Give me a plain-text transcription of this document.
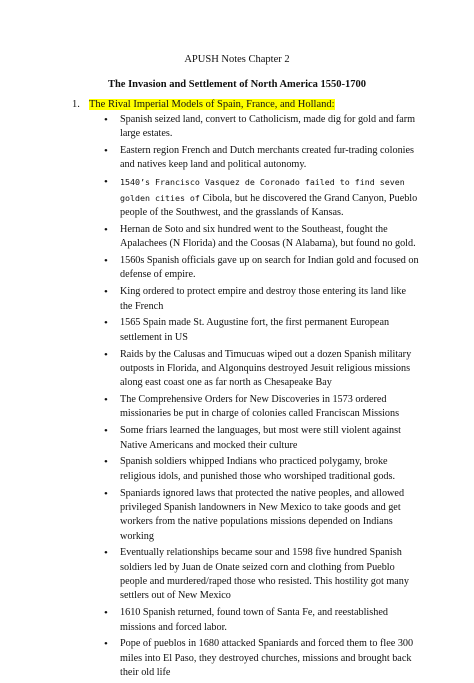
APUSH Notes Chapter 2
The Invasion and Settlement of North America 1550-1700
1. The Rival Imperial Models of Spain, France, and Holland:
• Spanish seized land, convert to Catholicism, made dig for gold and farm large estates.
• Eastern region French and Dutch merchants created fur-trading colonies and natives keep land and political autonomy.
• 1540’s Francisco Vasquez de Coronado failed to find seven golden cities of Cibola, but he discovered the Grand Canyon, Pueblo people of the Southwest, and the grasslands of Kansas.
• Hernan de Soto and six hundred went to the Southeast, fought the Apalachees (N Florida) and the Coosas (N Alabama), but found no gold.
• 1560s Spanish officials gave up on search for Indian gold and focused on defense of empire.
• King ordered to protect empire and destroy those entering its land like the French
• 1565 Spain made St. Augustine fort, the first permanent European settlement in US
• Raids by the Calusas and Timucuas wiped out a dozen Spanish military outposts in Florida, and Algonquins destroyed Jesuit religious missions along east coast one as far north as Chesapeake Bay
• The Comprehensive Orders for New Discoveries in 1573 ordered missionaries be put in charge of colonies called Franciscan Missions
• Some friars learned the languages, but most were still violent against Native Americans and mocked their culture
• Spanish soldiers whipped Indians who practiced polygamy, broke religious idols, and punished those who worshiped traditional gods.
• Spaniards ignored laws that protected the native peoples, and allowed privileged Spanish landowners in New Mexico to take goods and get workers from the native populations missions depended on Indians working
• Eventually relationships became sour and 1598 five hundred Spanish soldiers led by Juan de Onate seized corn and clothing from Pueblo people and murdered/raped those who resisted. This hostility got many settlers out of New Mexico
• 1610 Spanish returned, found town of Santa Fe, and reestablished missions and forced labor.
• Pope of pueblos in 1680 attacked Spaniards and forced them to flee 300 miles into El Paso, they destroyed churches, missions and brought back their old life
